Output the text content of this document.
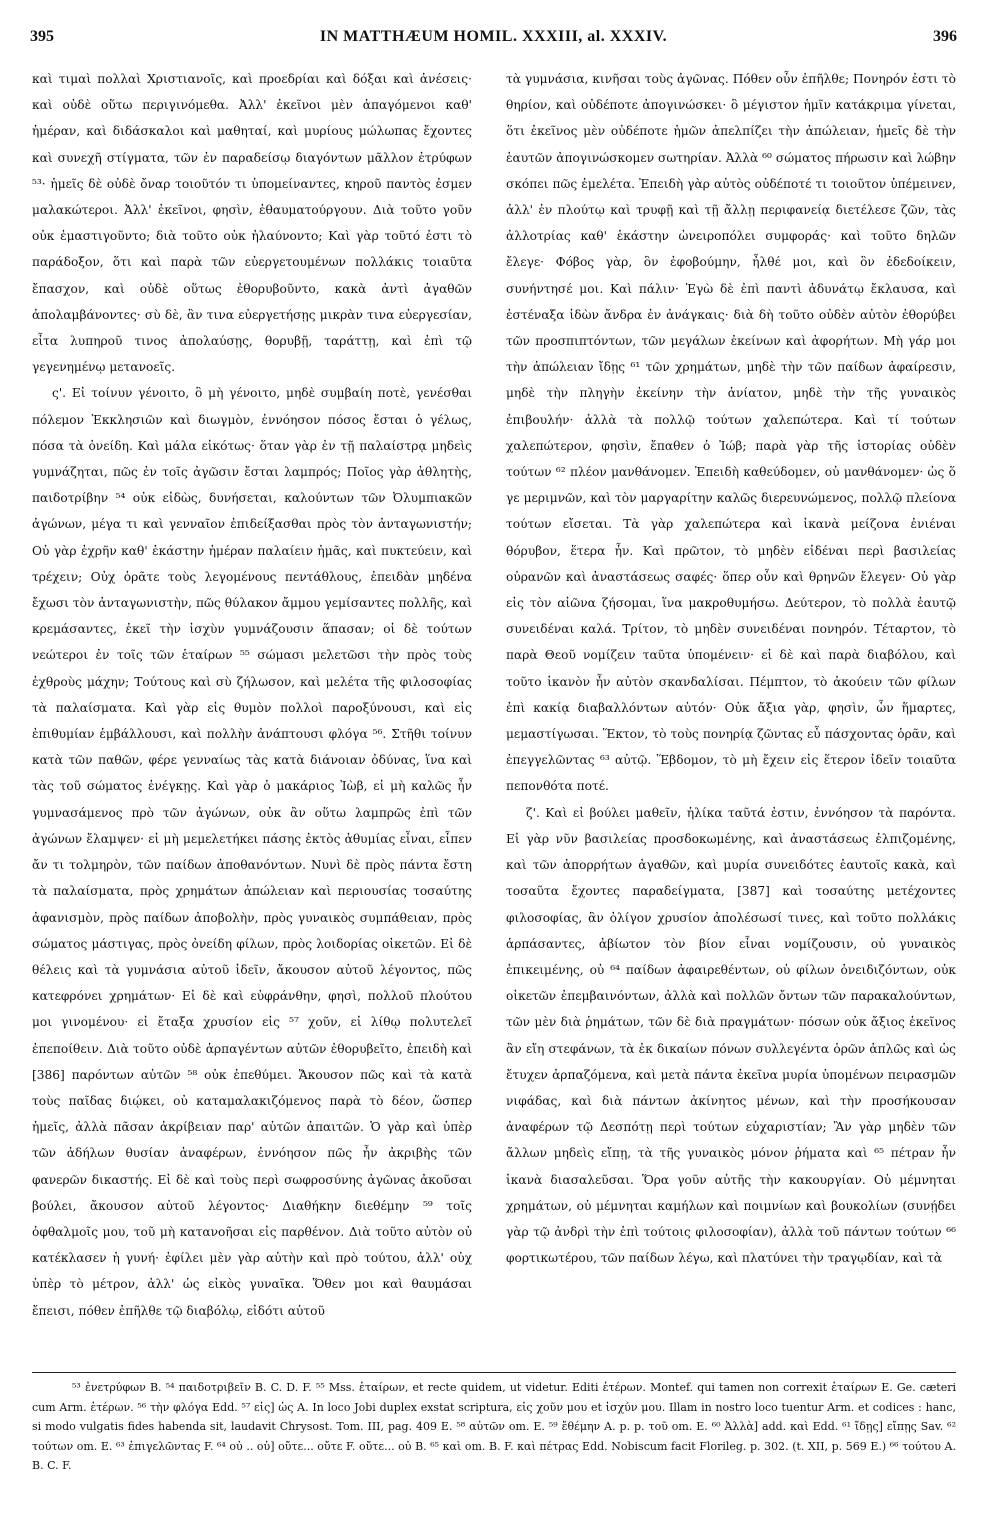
395	IN MATTHÆUM HOMIL. XXXIII, al. XXXIV.	396

καὶ τιμαὶ πολλαὶ Χριστιανοῖς, καὶ προεδρίαι καὶ δόξαι καὶ ἀνέσεις· καὶ οὐδὲ οὕτω περιγινόμεθα. Ἀλλ' ἐκεῖνοι μὲν ἀπαγόμενοι καθ' ἡμέραν, καὶ διδάσκαλοι καὶ μαθηταί, καὶ μυρίους μώλωπας ἔχοντες καὶ συνεχῆ στίγματα, τῶν ἐν παραδείσῳ διαγόντων μᾶλλον ἐτρύφων ⁵³· ἡμεῖς δὲ οὐδὲ ὄναρ τοιοῦτόν τι ὑπομείναντες, κηροῦ παντὸς ἐσμεν μαλακώτεροι. Ἀλλ' ἐκεῖνοι, φησὶν, ἐθαυματούργουν. Διὰ τοῦτο γοῦν οὐκ ἐμαστιγοῦντο; διὰ τοῦτο οὐκ ἠλαύνοντο; Καὶ γὰρ τοῦτό ἐστι τὸ παράδοξον, ὅτι καὶ παρὰ τῶν εὐεργετουμένων πολλάκις τοιαῦτα ἔπασχον, καὶ οὐδὲ οὕτως ἐθορυβοῦντο, κακὰ ἀντὶ ἀγαθῶν ἀπολαμβάνοντες· σὺ δὲ, ἂν τινα εὐεργετήσῃς μικρὰν τινα εὐεργεσίαν, εἶτα λυπηροῦ τινος ἀπολαύσῃς, θορυβῇ, ταράττῃ, καὶ ἐπὶ τῷ γεγενημένῳ μετανοεῖς.

ς'. Εἰ τοίνυν γένοιτο, ὃ μὴ γένοιτο, μηδὲ συμβαίη ποτὲ, γενέσθαι πόλεμον Ἐκκλησιῶν καὶ διωγμὸν, ἐννόησον πόσος ἔσται ὁ γέλως, πόσα τὰ ὀνείδη. Καὶ μάλα εἰκότως· ὅταν γὰρ ἐν τῇ παλαίστρᾳ μηδεὶς γυμνάζηται, πῶς ἐν τοῖς ἀγῶσιν ἔσται λαμπρός; Ποῖος γὰρ ἀθλητὴς, παιδοτρίβην ⁵⁴ οὐκ εἰδὼς, δυνήσεται, καλούντων τῶν Ὀλυμπιακῶν ἀγώνων, μέγα τι καὶ γενναῖον ἐπιδείξασθαι πρὸς τὸν ἀνταγωνιστήν; Οὐ γὰρ ἐχρῆν καθ' ἑκάστην ἡμέραν παλαίειν ἡμᾶς, καὶ πυκτεύειν, καὶ τρέχειν; Οὐχ ὁρᾶτε τοὺς λεγομένους πεντάθλους, ἐπειδὰν μηδένα ἔχωσι τὸν ἀνταγωνιστὴν, πῶς θύλακον ἄμμου γεμίσαντες πολλῆς, καὶ κρεμάσαντες, ἐκεῖ τὴν ἰσχὺν γυμνάζουσιν ἅπασαν; οἱ δὲ τούτων νεώτεροι ἐν τοῖς τῶν ἑταίρων ⁵⁵ σώμασι μελετῶσι τὴν πρὸς τοὺς ἐχθροὺς μάχην; Τούτους καὶ σὺ ζήλωσον, καὶ μελέτα τῆς φιλοσοφίας τὰ παλαίσματα. Καὶ γὰρ εἰς θυμὸν πολλοὶ παροξύνουσι, καὶ εἰς ἐπιθυμίαν ἐμβάλλουσι, καὶ πολλὴν ἀνάπτουσι φλόγα ⁵⁶. Στῆθι τοίνυν κατὰ τῶν παθῶν, φέρε γενναίως τὰς κατὰ διάνοιαν ὀδύνας, ἵνα καὶ τὰς τοῦ σώματος ἐνέγκῃς. Καὶ γὰρ ὁ μακάριος Ἰὼβ, εἰ μὴ καλῶς ἦν γυμνασάμενος πρὸ τῶν ἀγώνων, οὐκ ἂν οὕτω λαμπρῶς ἐπὶ τῶν ἀγώνων ἔλαμψεν· εἰ μὴ μεμελετήκει πάσης ἐκτὸς ἀθυμίας εἶναι, εἶπεν ἄν τι τολμηρὸν, τῶν παίδων ἀποθανόντων. Νυνὶ δὲ πρὸς πάντα ἔστη τὰ παλαίσματα, πρὸς χρημάτων ἀπώλειαν καὶ περιουσίας τοσαύτης ἀφανισμὸν, πρὸς παίδων ἀποβολὴν, πρὸς γυναικὸς συμπάθειαν, πρὸς σώματος μάστιγας, πρὸς ὀνείδη φίλων, πρὸς λοιδορίας οἰκετῶν. Εἰ δὲ θέλεις καὶ τὰ γυμνάσια αὐτοῦ ἰδεῖν, ἄκουσον αὐτοῦ λέγοντος, πῶς κατεφρόνει χρημάτων· Εἰ δὲ καὶ εὐφράνθην, φησὶ, πολλοῦ πλούτου μοι γινομένου· εἰ ἔταξα χρυσίον εἰς ⁵⁷ χοῦν, εἰ λίθῳ πολυτελεῖ ἐπεποίθειν. Διὰ τοῦτο οὐδὲ ἁρπαγέντων αὐτῶν ἐθορυβεῖτο, ἐπειδὴ καὶ [386] παρόντων αὐτῶν ⁵⁸ οὐκ ἐπεθύμει. Ἄκουσον πῶς καὶ τὰ κατὰ τοὺς παῖδας διῴκει, οὐ καταμαλακιζόμενος παρὰ τὸ δέον, ὥσπερ ἡμεῖς, ἀλλὰ πᾶσαν ἀκρίβειαν παρ' αὐτῶν ἀπαιτῶν. Ὁ γὰρ καὶ ὑπὲρ τῶν ἀδήλων θυσίαν ἀναφέρων, ἐννόησον πῶς ἦν ἀκριβὴς τῶν φανερῶν δικαστής. Εἰ δὲ καὶ τοὺς περὶ σωφροσύνης ἀγῶνας ἀκοῦσαι βούλει, ἄκουσον αὐτοῦ λέγοντος· Διαθήκην διεθέμην ⁵⁹ τοῖς ὀφθαλμοῖς μου, τοῦ μὴ κατανοῆσαι εἰς παρθένον. Διὰ τοῦτο αὐτὸν οὐ κατέκλασεν ἡ γυνή· ἐφίλει μὲν γὰρ αὐτὴν καὶ πρὸ τούτου, ἀλλ' οὐχ ὑπὲρ τὸ μέτρον, ἀλλ' ὡς εἰκὸς γυναῖκα. Ὅθεν μοι καὶ θαυμάσαι ἔπεισι, πόθεν ἐπῆλθε τῷ διαβόλῳ, εἰδότι αὐτοῦ

τὰ γυμνάσια, κινῆσαι τοὺς ἀγῶνας. Πόθεν οὖν ἐπῆλθε; Πονηρόν ἐστι τὸ θηρίον, καὶ οὐδέποτε ἀπογινώσκει· ὃ μέγιστον ἡμῖν κατάκριμα γίνεται, ὅτι ἐκεῖνος μὲν οὐδέποτε ἡμῶν ἀπελπίζει τὴν ἀπώλειαν, ἡμεῖς δὲ τὴν ἑαυτῶν ἀπογινώσκομεν σωτηρίαν. Ἀλλὰ ⁶⁰ σώματος πήρωσιν καὶ λώβην σκόπει πῶς ἐμελέτα. Ἐπειδὴ γὰρ αὐτὸς οὐδέποτέ τι τοιοῦτον ὑπέμεινεν, ἀλλ' ἐν πλούτῳ καὶ τρυφῇ καὶ τῇ ἄλλῃ περιφανείᾳ διετέλεσε ζῶν, τὰς ἀλλοτρίας καθ' ἑκάστην ὠνειροπόλει συμφοράς· καὶ τοῦτο δηλῶν ἔλεγε· Φόβος γὰρ, ὃν ἐφοβούμην, ἦλθέ μοι, καὶ ὃν ἐδεδοίκειν, συνήντησέ μοι. Καὶ πάλιν· Ἐγὼ δὲ ἐπὶ παντὶ ἀδυνάτῳ ἔκλαυσα, καὶ ἐστέναξα ἰδὼν ἄνδρα ἐν ἀνάγκαις· διὰ δὴ τοῦτο οὐδὲν αὐτὸν ἐθορύβει τῶν προσπιπτόντων, τῶν μεγάλων ἐκείνων καὶ ἀφορήτων. Μὴ γάρ μοι τὴν ἀπώλειαν ἴδῃς ⁶¹ τῶν χρημάτων, μηδὲ τὴν τῶν παίδων ἀφαίρεσιν, μηδὲ τὴν πληγὴν ἐκείνην τὴν ἀνίατον, μηδὲ τὴν τῆς γυναικὸς ἐπιβουλήν· ἀλλὰ τὰ πολλῷ τούτων χαλεπώτερα. Καὶ τί τούτων χαλεπώτερον, φησὶν, ἔπαθεν ὁ Ἰώβ; παρὰ γὰρ τῆς ἱστορίας οὐδὲν τούτων ⁶² πλέον μανθάνομεν. Ἐπειδὴ καθεύδομεν, οὐ μανθάνομεν· ὡς ὅ γε μεριμνῶν, καὶ τὸν μαργαρίτην καλῶς διερευνώμενος, πολλῷ πλείονα τούτων εἴσεται. Τὰ γὰρ χαλεπώτερα καὶ ἱκανὰ μείζονα ἐνιέναι θόρυβον, ἕτερα ἦν. Καὶ πρῶτον, τὸ μηδὲν εἰδέναι περὶ βασιλείας οὐρανῶν καὶ ἀναστάσεως σαφές· ὅπερ οὖν καὶ θρηνῶν ἔλεγεν· Οὐ γὰρ εἰς τὸν αἰῶνα ζήσομαι, ἵνα μακροθυμήσω. Δεύτερον, τὸ πολλὰ ἑαυτῷ συνειδέναι καλά. Τρίτον, τὸ μηδὲν συνειδέναι πονηρόν. Τέταρτον, τὸ παρὰ Θεοῦ νομίζειν ταῦτα ὑπομένειν· εἰ δὲ καὶ παρὰ διαβόλου, καὶ τοῦτο ἱκανὸν ἦν αὐτὸν σκανδαλίσαι. Πέμπτον, τὸ ἀκούειν τῶν φίλων ἐπὶ κακίᾳ διαβαλλόντων αὐτόν· Οὐκ ἄξια γὰρ, φησὶν, ὧν ἥμαρτες, μεμαστίγωσαι. Ἕκτον, τὸ τοὺς πονηρίᾳ ζῶντας εὖ πάσχοντας ὁρᾶν, καὶ ἐπεγγελῶντας ⁶³ αὐτῷ. Ἕβδομον, τὸ μὴ ἔχειν εἰς ἕτερον ἰδεῖν τοιαῦτα πεπονθότα ποτέ.

ζ'. Καὶ εἰ βούλει μαθεῖν, ἡλίκα ταῦτά ἐστιν, ἐννόησον τὰ παρόντα. Εἰ γὰρ νῦν βασιλείας προσδοκωμένης, καὶ ἀναστάσεως ἐλπιζομένης, καὶ τῶν ἀπορρήτων ἀγαθῶν, καὶ μυρία συνειδότες ἑαυτοῖς κακὰ, καὶ τοσαῦτα ἔχοντες παραδείγματα, [387] καὶ τοσαύτης μετέχοντες φιλοσοφίας, ἂν ὀλίγον χρυσίον ἀπολέσωσί τινες, καὶ τοῦτο πολλάκις ἁρπάσαντες, ἀβίωτον τὸν βίον εἶναι νομίζουσιν, οὐ γυναικὸς ἐπικειμένης, οὐ ⁶⁴ παίδων ἀφαιρεθέντων, οὐ φίλων ὀνειδιζόντων, οὐκ οἰκετῶν ἐπεμβαινόντων, ἀλλὰ καὶ πολλῶν ὄντων τῶν παρακαλούντων, τῶν μὲν διὰ ῥημάτων, τῶν δὲ διὰ πραγμάτων· πόσων οὐκ ἄξιος ἐκεῖνος ἂν εἴη στεφάνων, τὰ ἐκ δικαίων πόνων συλλεγέντα ὁρῶν ἁπλῶς καὶ ὡς ἔτυχεν ἁρπαζόμενα, καὶ μετὰ πάντα ἐκεῖνα μυρία ὑπομένων πειρασμῶν νιφάδας, καὶ διὰ πάντων ἀκίνητος μένων, καὶ τὴν προσήκουσαν ἀναφέρων τῷ Δεσπότῃ περὶ τούτων εὐχαριστίαν; Ἂν γὰρ μηδὲν τῶν ἄλλων μηδεὶς εἴπῃ, τὰ τῆς γυναικὸς μόνον ῥήματα καὶ ⁶⁵ πέτραν ἦν ἱκανὰ διασαλεῦσαι. Ὅρα γοῦν αὐτῆς τὴν κακουργίαν. Οὐ μέμνηται χρημάτων, οὐ μέμνηται καμήλων καὶ ποιμνίων καὶ βουκολίων (συνῄδει γὰρ τῷ ἀνδρὶ τὴν ἐπὶ τούτοις φιλοσοφίαν), ἀλλὰ τοῦ πάντων τούτων ⁶⁶ φορτικωτέρου, τῶν παίδων λέγω, καὶ πλατύνει τὴν τραγῳδίαν, καὶ τὰ

⁵³ ἐνετρύφων B. ⁵⁴ παιδοτριβεῖν B. C. D. F. ⁵⁵ Mss. ἑταίρων, et recte quidem, ut videtur. Editi ἑτέρων. Montef. qui tamen non correxit ἑταίρων E. Ge. cæteri cum Arm. ἑτέρων. ⁵⁶ τὴν φλόγα Edd. ⁵⁷ εἰς] ὡς A. In loco Jobi duplex exstat scriptura, εἰς χοῦν μου et ἰσχύν μου. Illam in nostro loco tuentur Arm. et codices : hanc, si modo vulgatis fides habenda sit, laudavit Chrysost. Tom. III, pag. 409 E. ⁵⁸ αὐτῶν om. E. ⁵⁹ ἔθέμην A. p. p. τοῦ om. E. ⁶⁰ Ἀλλὰ] add. καὶ Edd. ⁶¹ ἴδῃς] εἴπῃς Sav. ⁶² τούτων om. E. ⁶³ ἐπιγελῶντας F. ⁶⁴ οὐ .. οὐ] οὔτε... οὔτε F. οὔτε... οὐ B. ⁶⁵ καὶ om. B. F. καὶ πέτρας Edd. Nobiscum facit Florileg. p. 302. (t. XII, p. 569 E.) ⁶⁶ τούτου A. B. C. F.
